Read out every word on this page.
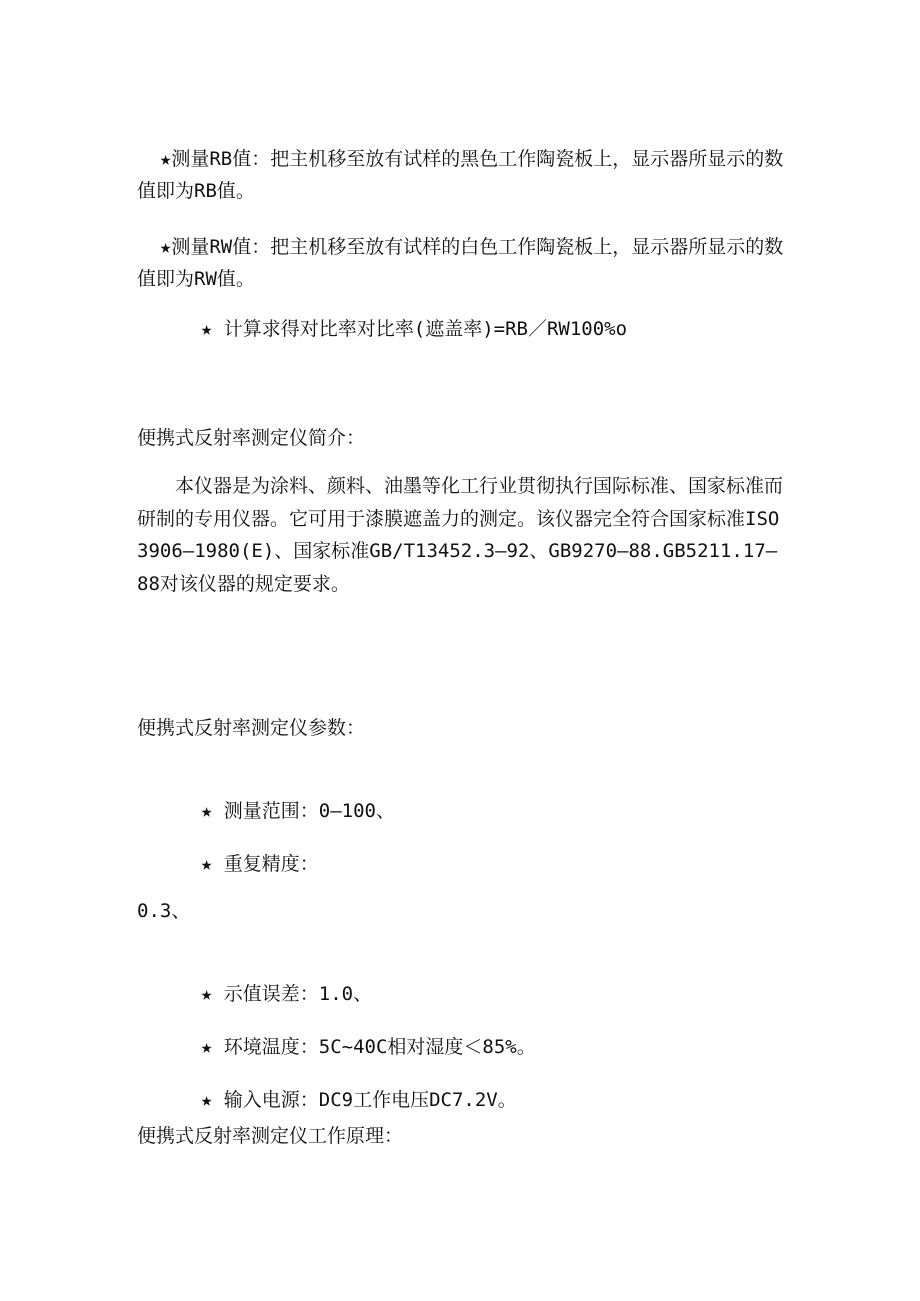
★测量RB值：把主机移至放有试样的黑色工作陶瓷板上，显示器所显示的数值即为RB值。

★测量RW值：把主机移至放有试样的白色工作陶瓷板上，显示器所显示的数值即为RW值。

★ 计算求得对比率对比率(遮盖率)=RB／RW100%o

便携式反射率测定仪简介：

本仪器是为涂料、颜料、油墨等化工行业贯彻执行国际标准、国家标准而研制的专用仪器。它可用于漆膜遮盖力的测定。该仪器完全符合国家标准ISO3906—1980(E)、国家标准GB/T13452.3—92、GB9270—88.GB5211.17—88对该仪器的规定要求。

便携式反射率测定仪参数：

★ 测量范围：0—100、

★ 重复精度：

0.3、

★ 示值误差：1.0、

★ 环境温度：5C~40C相对湿度＜85%。

★ 输入电源：DC9工作电压DC7.2V。

便携式反射率测定仪工作原理：
